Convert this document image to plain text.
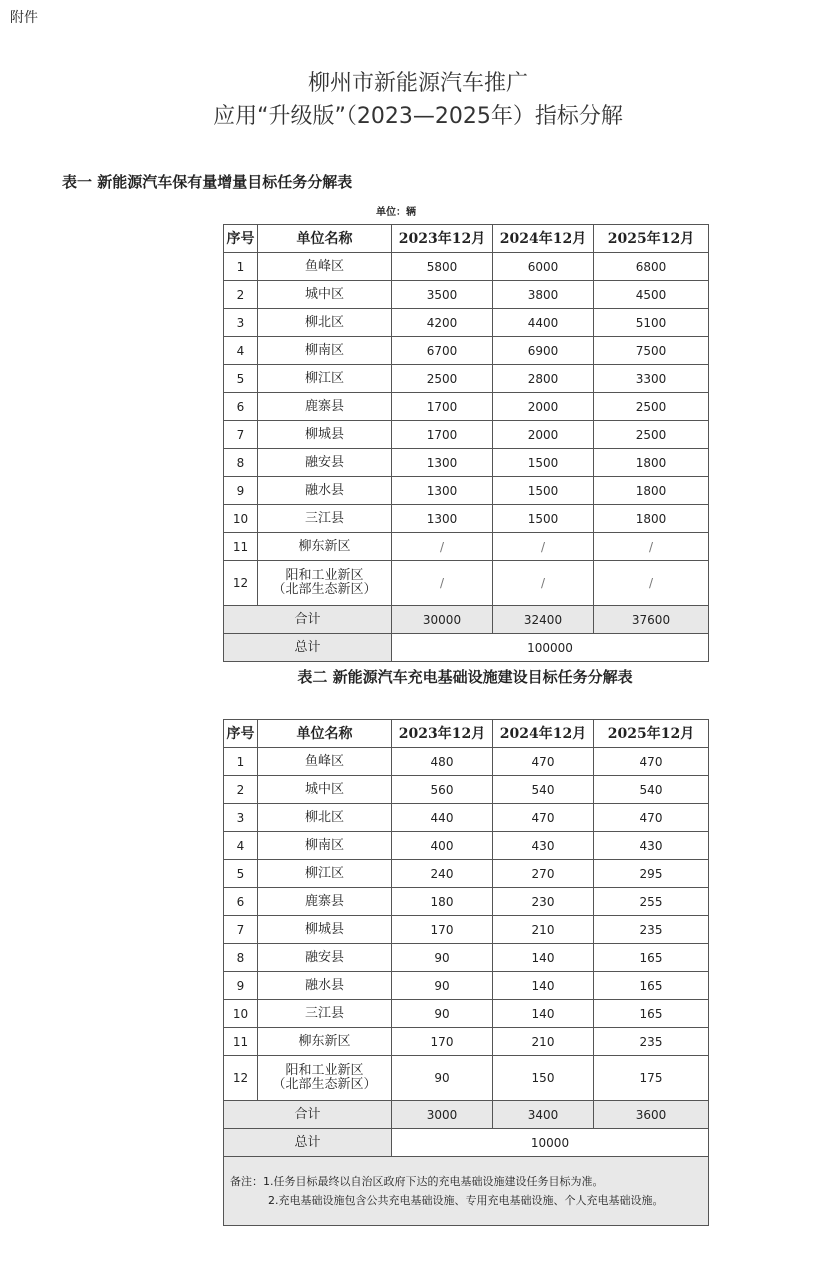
附件
柳州市新能源汽车推广
应用“升级版”（2023—2025年）指标分解
表一 新能源汽车保有量增量目标任务分解表
单位：辆
序号	单位名称	2023年12月	2024年12月	2025年12月
1	鱼峰区	5800	6000	6800
2	城中区	3500	3800	4500
3	柳北区	4200	4400	5100
4	柳南区	6700	6900	7500
5	柳江区	2500	2800	3300
6	鹿寨县	1700	2000	2500
7	柳城县	1700	2000	2500
8	融安县	1300	1500	1800
9	融水县	1300	1500	1800
10	三江县	1300	1500	1800
11	柳东新区	/	/	/
12	阳和工业新区
（北部生态新区）	/	/	/
合计		30000	32400	37600
总计		100000		
表二 新能源汽车充电基础设施建设目标任务分解表
序号	单位名称	2023年12月	2024年12月	2025年12月
1	鱼峰区	480	470	470
2	城中区	560	540	540
3	柳北区	440	470	470
4	柳南区	400	430	430
5	柳江区	240	270	295
6	鹿寨县	180	230	255
7	柳城县	170	210	235
8	融安县	90	140	165
9	融水县	90	140	165
10	三江县	90	140	165
11	柳东新区	170	210	235
12	阳和工业新区
（北部生态新区）	90	150	175
合计		3000	3400	3600
总计		10000		

备注：1.任务目标最终以自治区政府下达的充电基础设施建设任务目标为准。

2.充电基础设施包含公共充电基础设施、专用充电基础设施、个人充电基础设施。				
